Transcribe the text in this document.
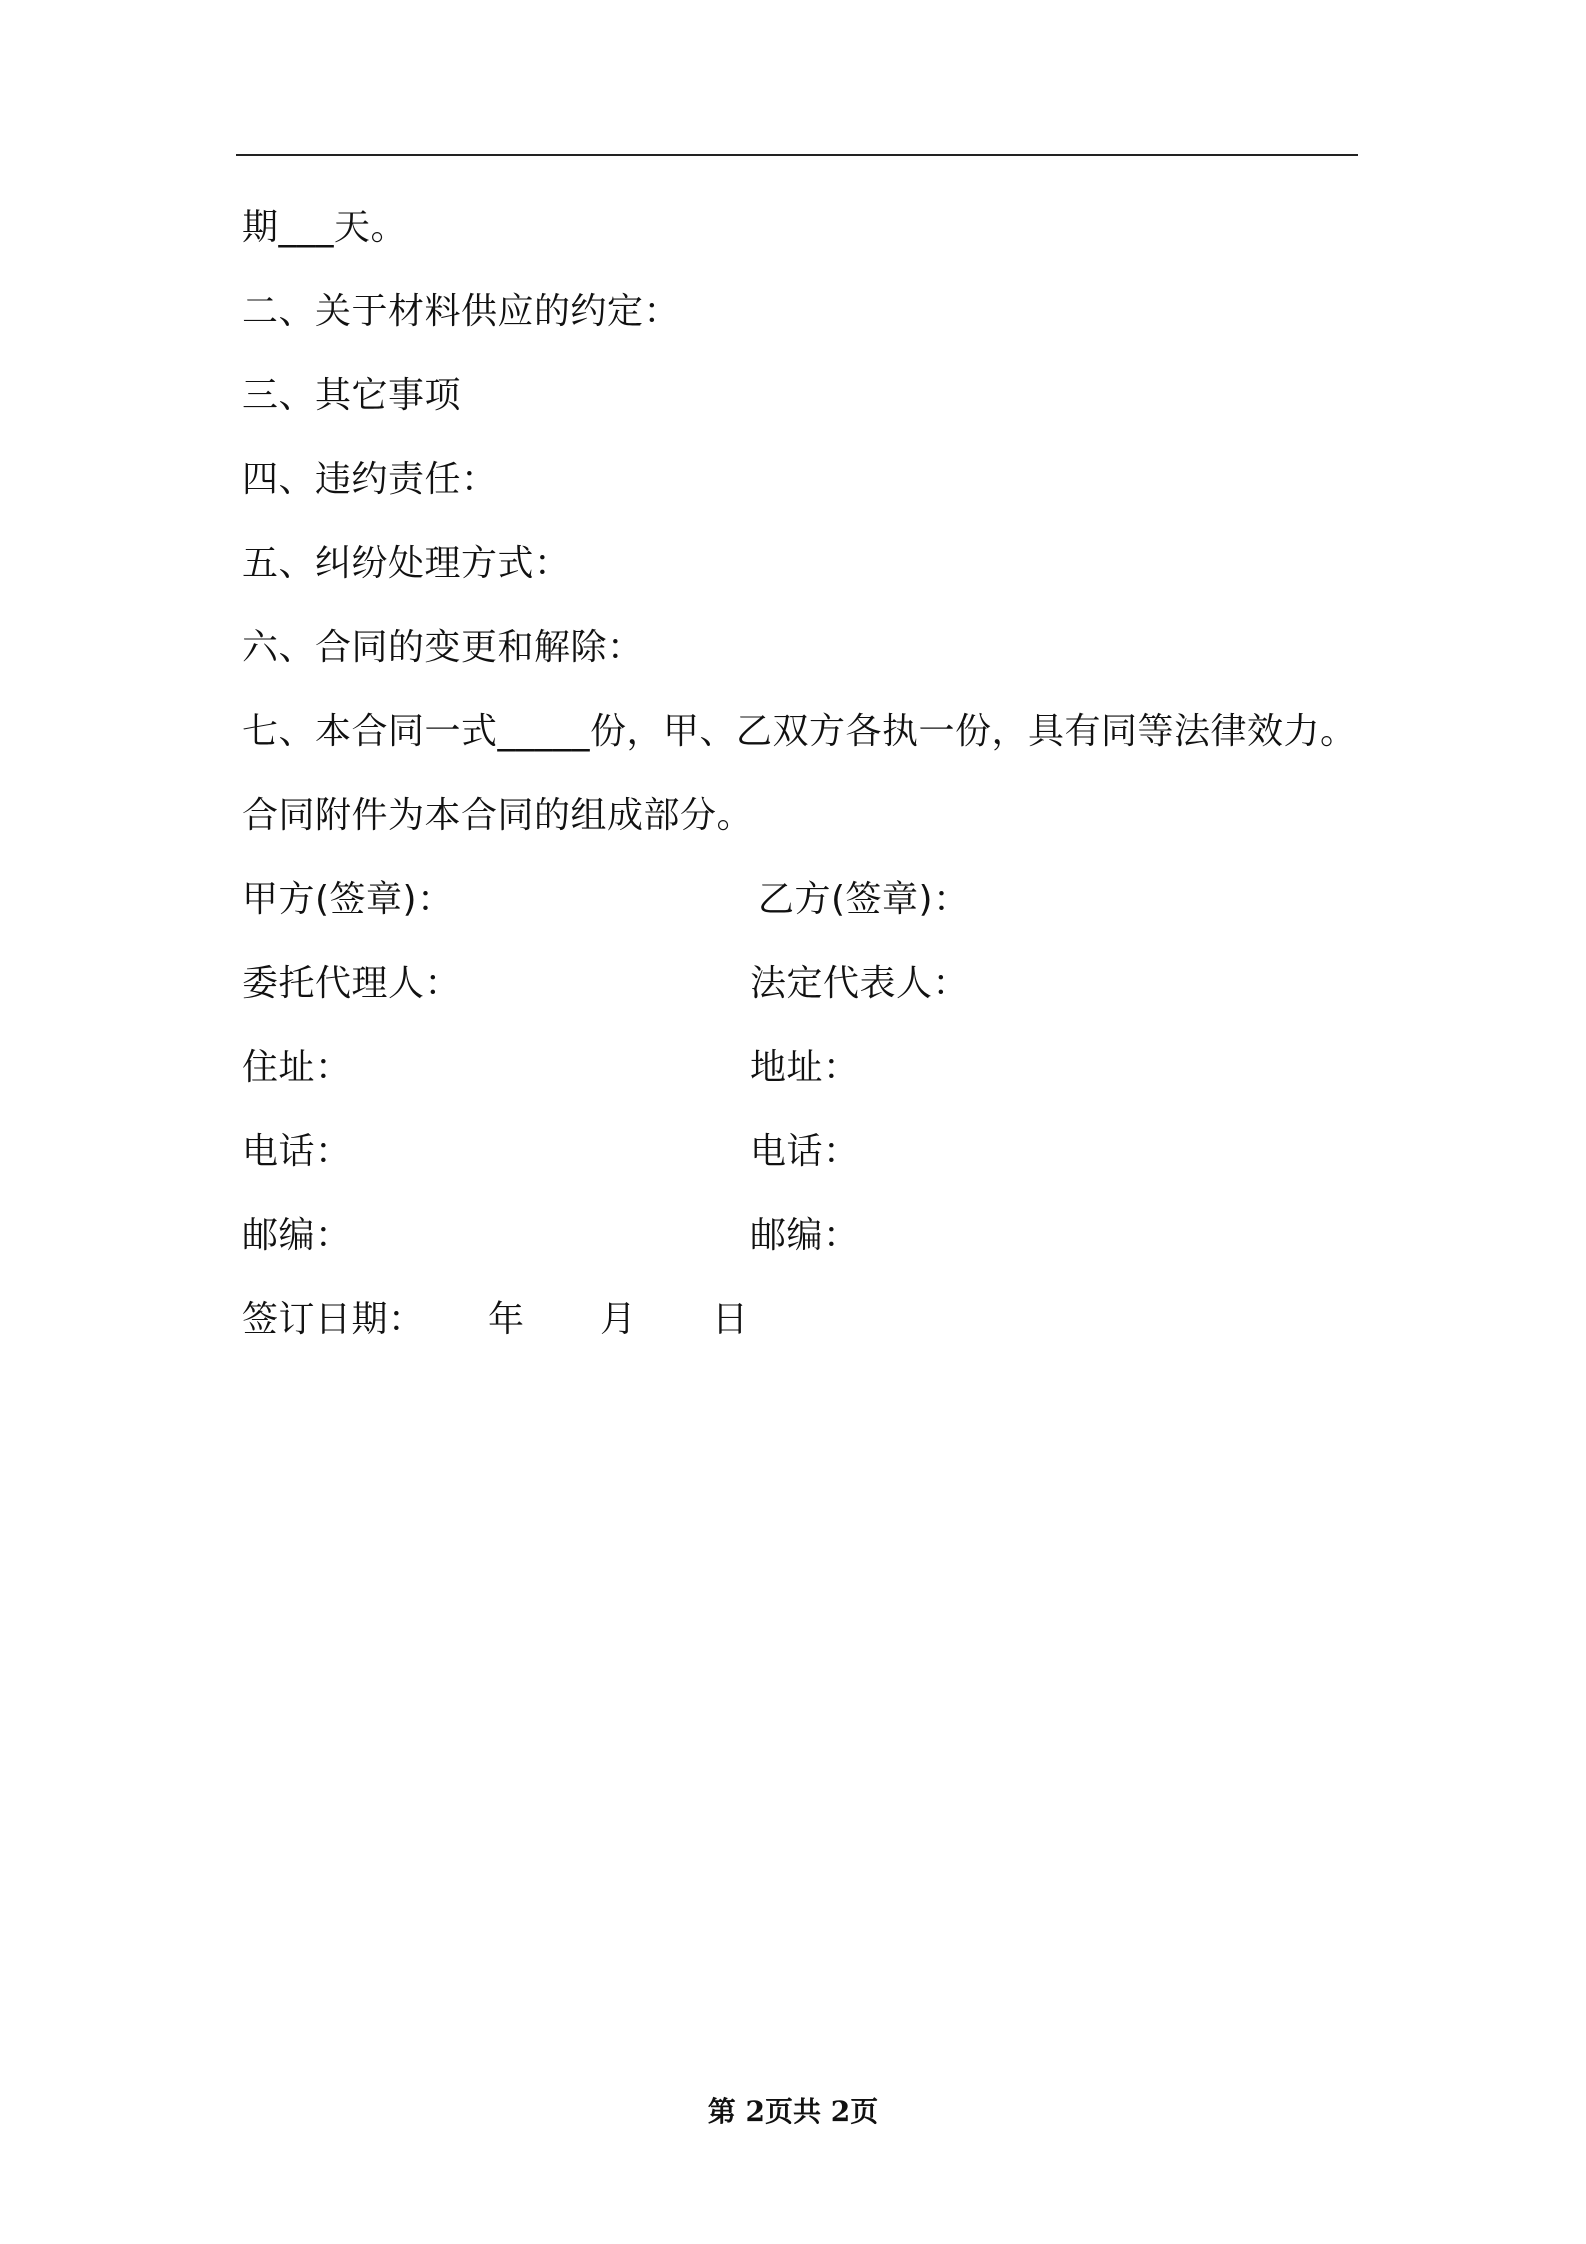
期___天。
二、关于材料供应的约定：
三、其它事项
四、违约责任：
五、纠纷处理方式：
六、合同的变更和解除：
七、本合同一式_____份，甲、乙双方各执一份，具有同等法律效力。
合同附件为本合同的组成部分。
甲方(签章)：	乙方(签章)：
委托代理人：	法定代表人：
住址：	地址：
电话：	电话：
邮编：	邮编：
签订日期： 年 月 日
第 2页共 2页
